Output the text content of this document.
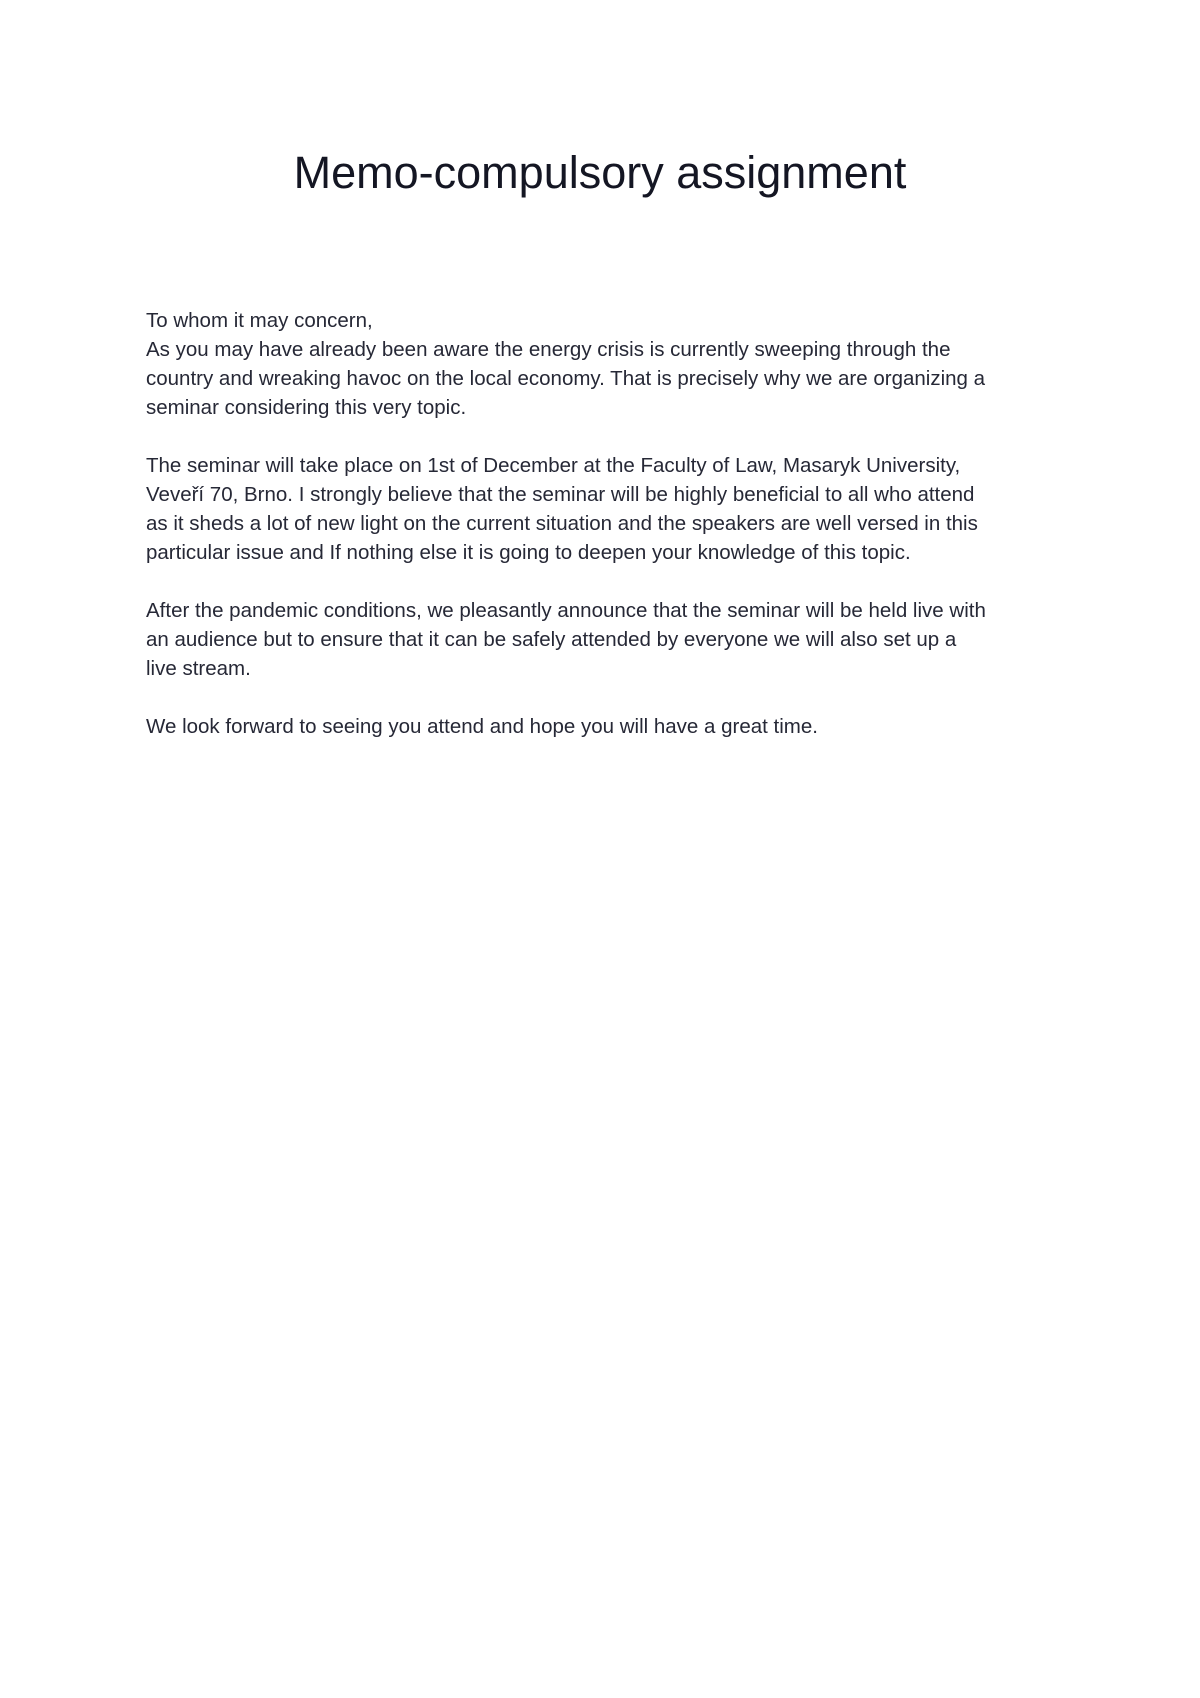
Memo-compulsory assignment
To whom it may concern,
As you may have already been aware the energy crisis is currently sweeping through the
country and wreaking havoc on the local economy. That is precisely why we are organizing a
seminar considering this very topic.
The seminar will take place on 1st of December at the Faculty of Law, Masaryk University,
Veveří 70, Brno. I strongly believe that the seminar will be highly beneficial to all who attend
as it sheds a lot of new light on the current situation and the speakers are well versed in this
particular issue and If nothing else it is going to deepen your knowledge of this topic.
After the pandemic conditions, we pleasantly announce that the seminar will be held live with
an audience but to ensure that it can be safely attended by everyone we will also set up a
live stream.
We look forward to seeing you attend and hope you will have a great time.
